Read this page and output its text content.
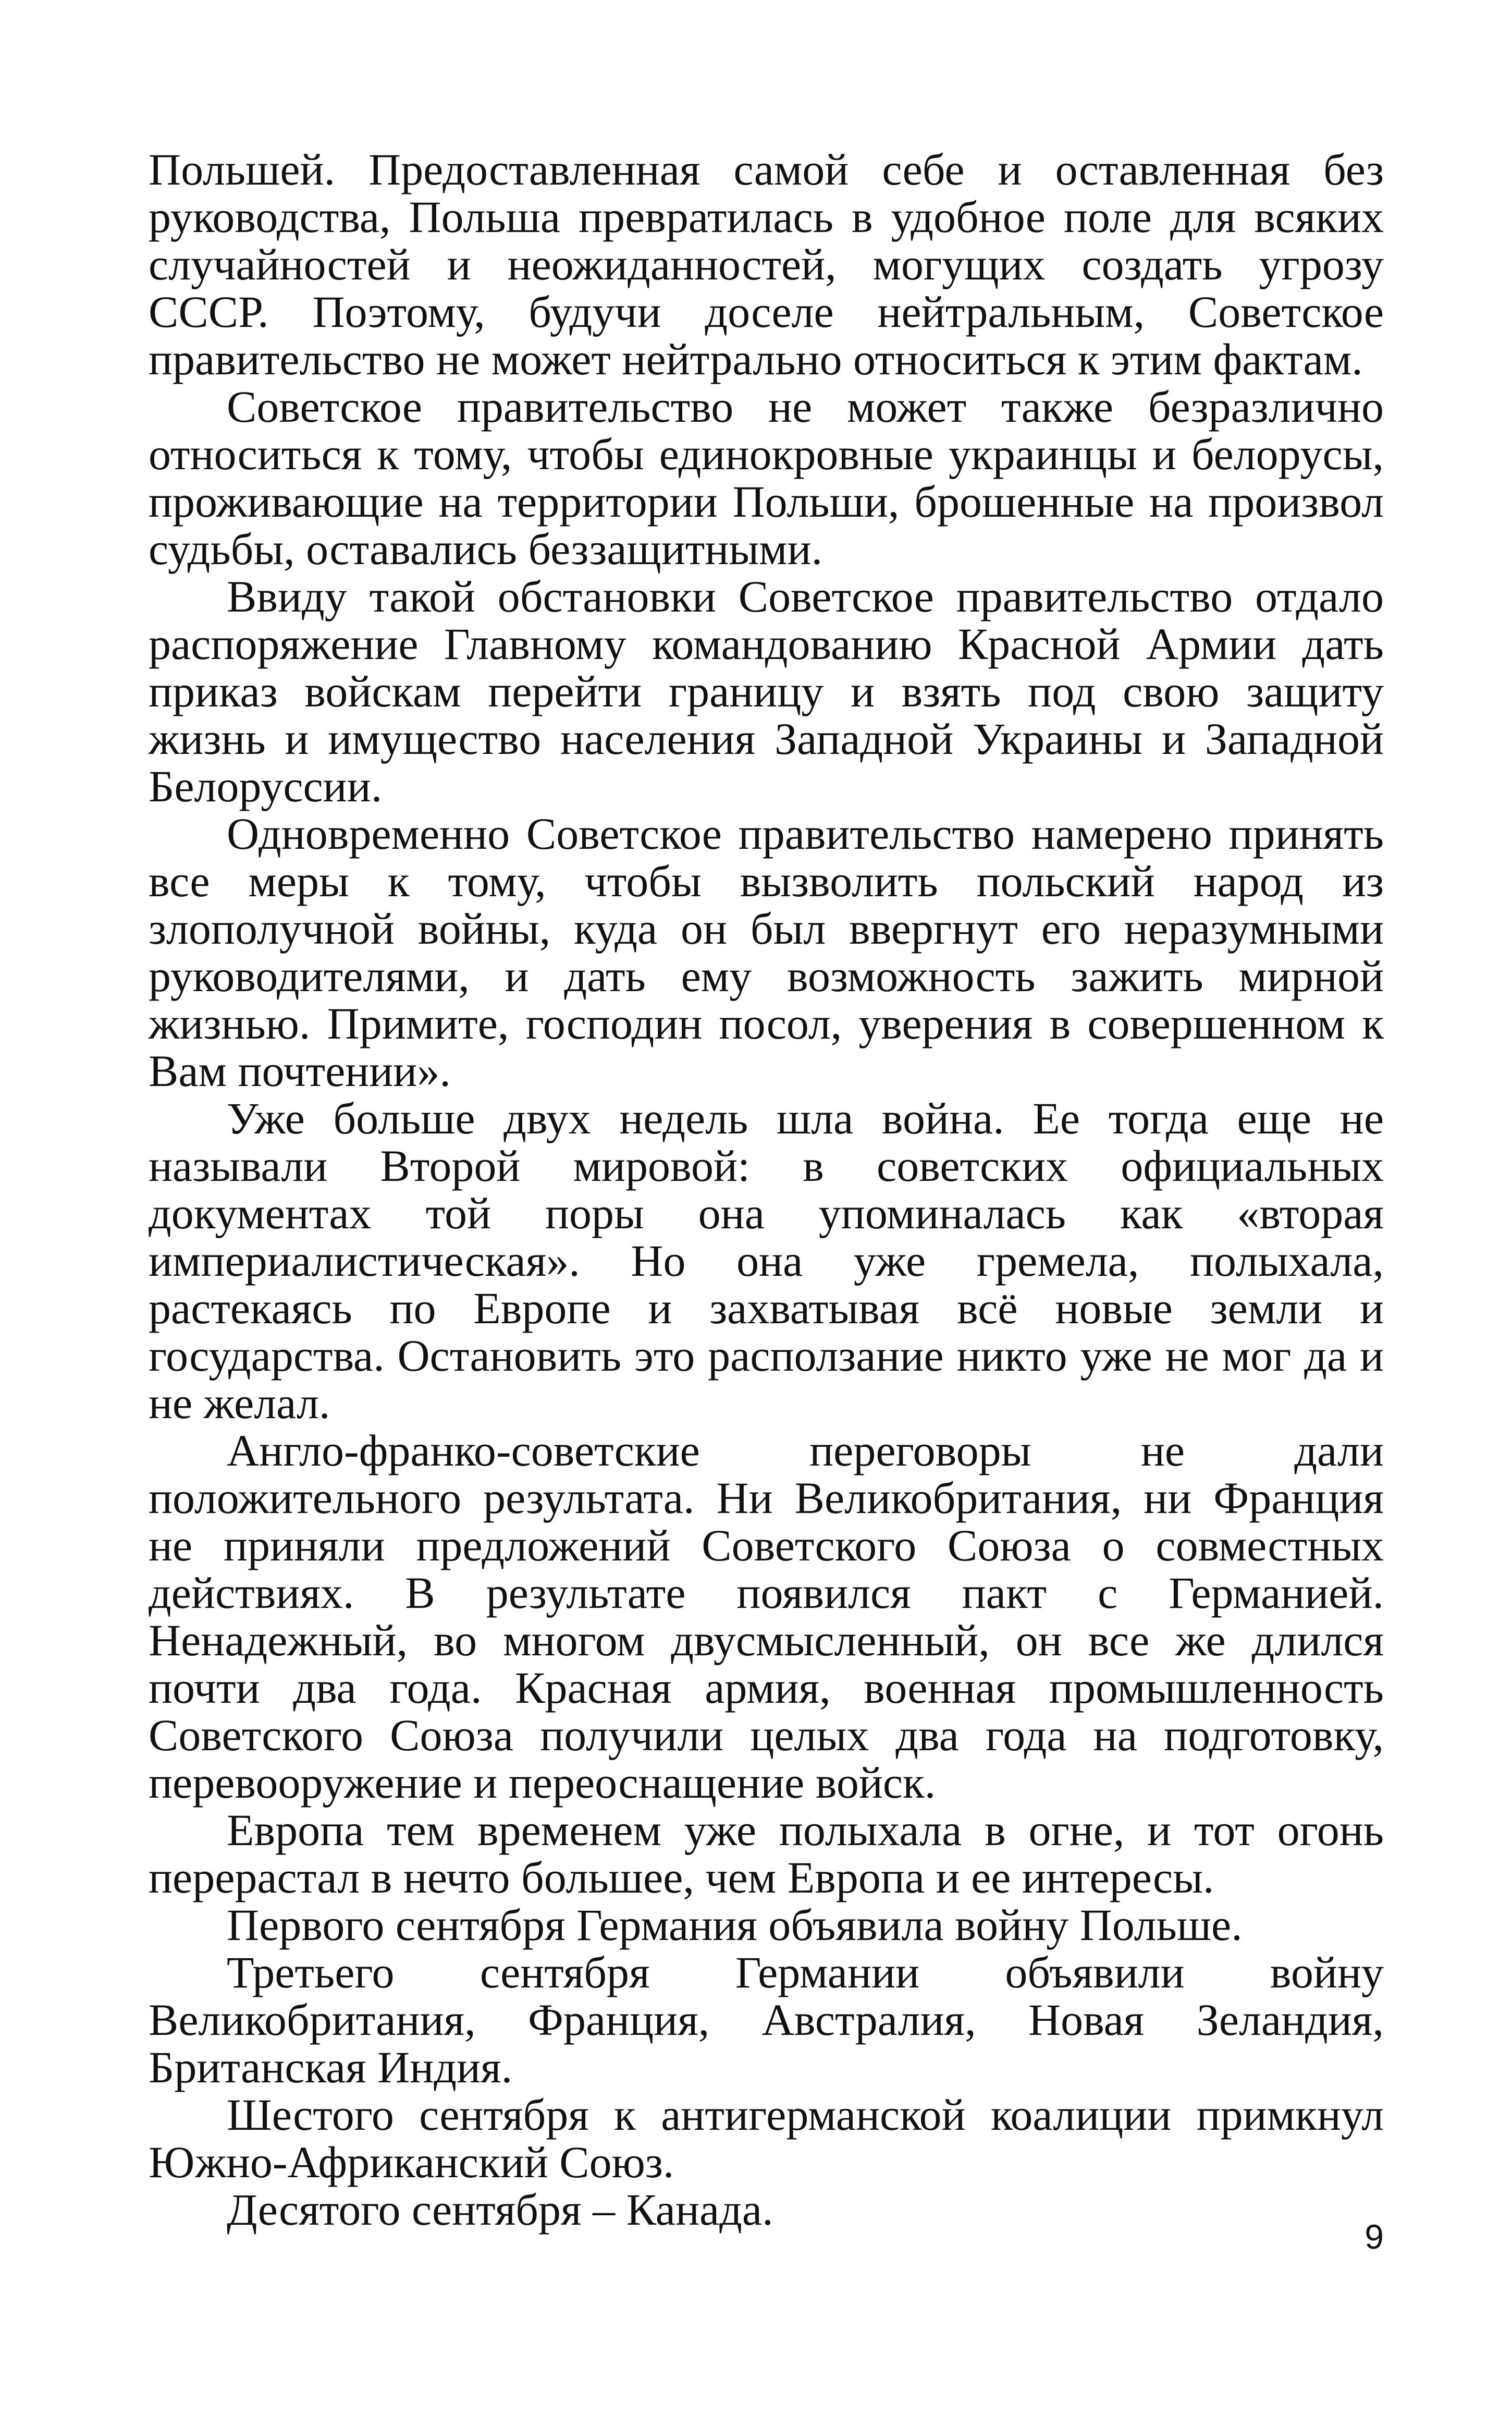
Польшей. Предоставленная самой себе и оставленная без руководства, Польша превратилась в удобное поле для всяких случайностей и неожиданностей, могущих создать угрозу СССР. Поэтому, будучи доселе нейтральным, Советское правительство не может нейтрально относиться к этим фактам.

Советское правительство не может также безразлично относиться к тому, чтобы единокровные украинцы и белорусы, проживающие на территории Польши, брошенные на произвол судьбы, оставались беззащитными.

Ввиду такой обстановки Советское правительство отдало распоряжение Главному командованию Красной Армии дать приказ войскам перейти границу и взять под свою защиту жизнь и имущество населения Западной Украины и Западной Белоруссии.

Одновременно Советское правительство намерено принять все меры к тому, чтобы вызволить польский народ из злополучной войны, куда он был ввергнут его неразумными руководителями, и дать ему возможность зажить мирной жизнью. Примите, господин посол, уверения в совершенном к Вам почтении».

Уже больше двух недель шла война. Ее тогда еще не называли Второй мировой: в советских официальных документах той поры она упоминалась как «вторая империалистическая». Но она уже гремела, полыхала, растекаясь по Европе и захватывая всё новые земли и государства. Остановить это расползание никто уже не мог да и не желал.

Англо-франко-советские переговоры не дали положительного результата. Ни Великобритания, ни Франция не приняли предложений Советского Союза о совместных действиях. В результате появился пакт с Германией. Ненадежный, во многом двусмысленный, он все же длился почти два года. Красная армия, военная промышленность Советского Союза получили целых два года на подготовку, перевооружение и переоснащение войск.

Европа тем временем уже полыхала в огне, и тот огонь перерастал в нечто большее, чем Европа и ее интересы.

Первого сентября Германия объявила войну Польше.

Третьего сентября Германии объявили войну Великобритания, Франция, Австралия, Новая Зеландия, Британская Индия.

Шестого сентября к антигерманской коалиции примкнул Южно-Африканский Союз.

Десятого сентября – Канада.

9
